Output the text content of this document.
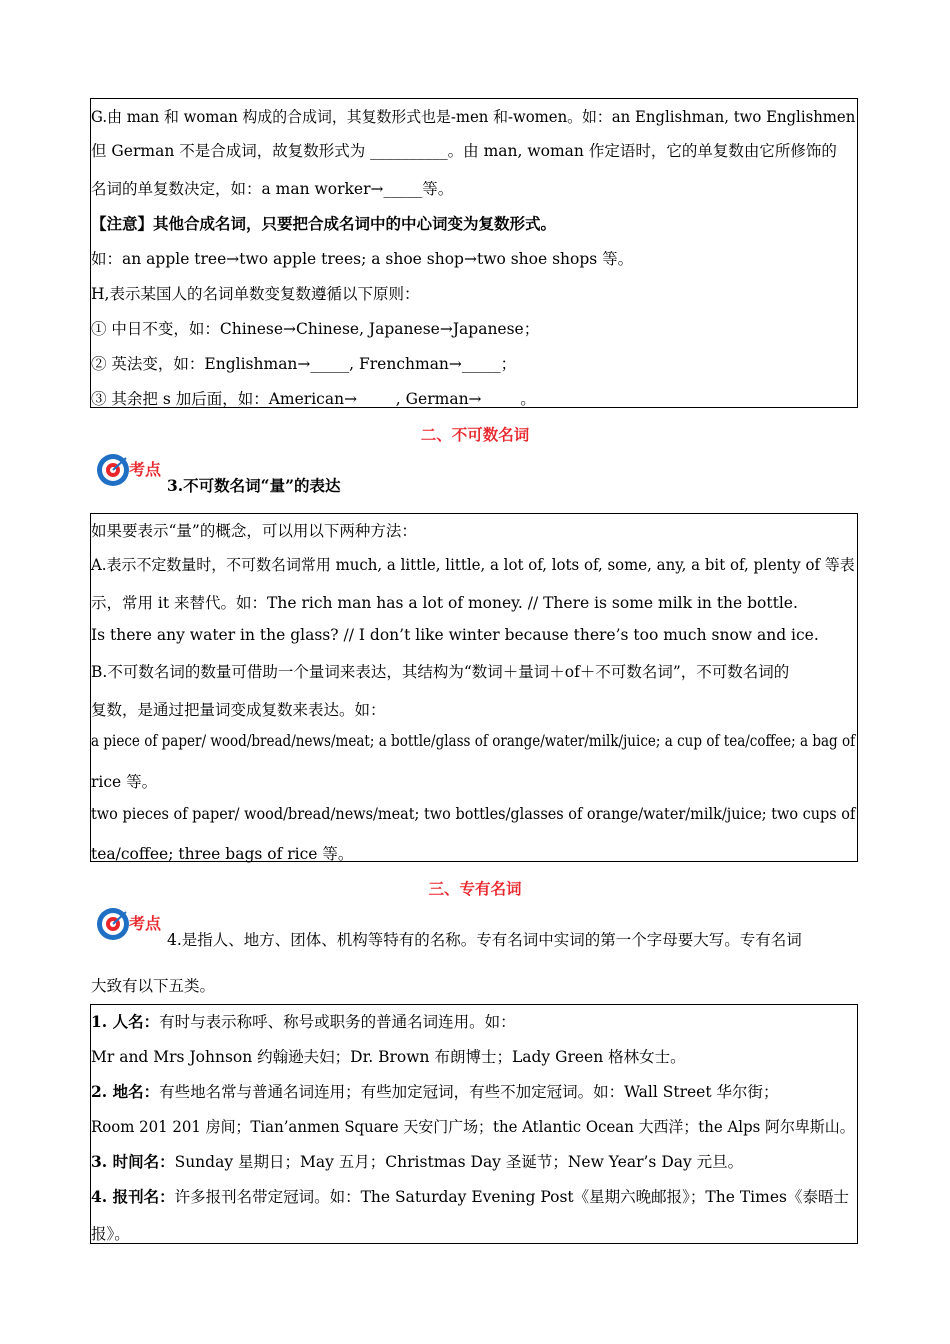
G.由 man 和 woman 构成的合成词，其复数形式也是-men 和-women。如：an Englishman, two Englishmen
但 German 不是合成词，故复数形式为 __________。由 man, woman 作定语时，它的单复数由它所修饰的
名词的单复数决定，如：a man worker→_____等。
【注意】其他合成名词，只要把合成名词中的中心词变为复数形式。
如：an apple tree→two apple trees; a shoe shop→two shoe shops 等。
H,表示某国人的名词单数变复数遵循以下原则：
① 中日不变，如：Chinese→Chinese, Japanese→Japanese；
② 英法变，如：Englishman→_____, Frenchman→_____；
③ 其余把 s 加后面，如：American→_____, German→_____。
二、不可数名词
考点
3.不可数名词“量”的表达
如果要表示“量”的概念，可以用以下两种方法：
A.表示不定数量时，不可数名词常用 much, a little, little, a lot of, lots of, some, any, a bit of, plenty of 等表
示，常用 it 来替代。如：The rich man has a lot of money. // There is some milk in the bottle.
Is there any water in the glass? // I don’t like winter because there’s too much snow and ice.
B.不可数名词的数量可借助一个量词来表达，其结构为“数词＋量词＋of＋不可数名词”，不可数名词的
复数，是通过把量词变成复数来表达。如：
a piece of paper/ wood/bread/news/meat; a bottle/glass of orange/water/milk/juice; a cup of tea/coffee; a bag of
rice 等。
two pieces of paper/ wood/bread/news/meat; two bottles/glasses of orange/water/milk/juice; two cups of
tea/coffee; three bags of rice 等。
三、专有名词
考点
4.是指人、地方、团体、机构等特有的名称。专有名词中实词的第一个字母要大写。专有名词
大致有以下五类。
1. 人名：有时与表示称呼、称号或职务的普通名词连用。如：
Mr and Mrs Johnson 约翰逊夫妇；Dr. Brown 布朗博士；Lady Green 格林女士。
2. 地名：有些地名常与普通名词连用；有些加定冠词，有些不加定冠词。如：Wall Street 华尔街；
Room 201 201 房间；Tian’anmen Square 天安门广场；the Atlantic Ocean 大西洋；the Alps 阿尔卑斯山。
3. 时间名：Sunday 星期日；May 五月；Christmas Day 圣诞节；New Year’s Day 元旦。
4. 报刊名：许多报刊名带定冠词。如：The Saturday Evening Post《星期六晚邮报》；The Times《泰晤士
报》。
